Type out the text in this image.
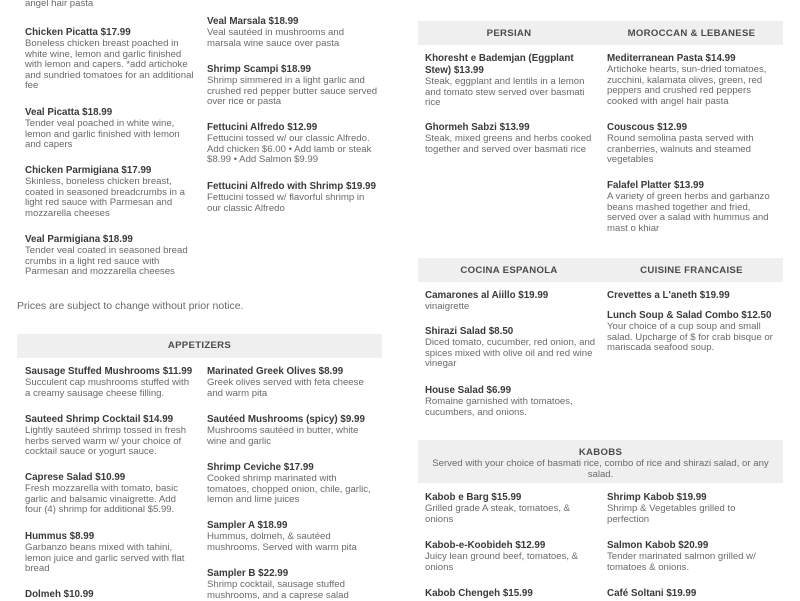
angel hair pasta
Chicken Picatta $17.99
Boneless chicken breast poached in white wine, lemon and garlic finished with lemon and capers. *add artichoke and sundried tomatoes for an additional fee
Veal Picatta $18.99
Tender veal poached in white wine, lemon and garlic finished with lemon and capers
Chicken Parmigiana $17.99
Skinless, boneless chicken breast, coated in seasoned breadcrumbs in a light red sauce with Parmesan and mozzarella cheeses
Veal Parmigiana $18.99
Tender veal coated in seasoned bread crumbs in a light red sauce with Parmesan and mozzarella cheeses
Veal Marsala $18.99
Veal sautéed in mushrooms and marsala wine sauce over pasta
Shrimp Scampi $18.99
Shrimp simmered in a light garlic and crushed red pepper butter sauce served over rice or pasta
Fettucini Alfredo $12.99
Fettucini tossed w/ our classic Alfredo. Add chicken $6.00 • Add lamb or steak $8.99 • Add Salmon $9.99
Fettucini Alfredo with Shrimp $19.99
Fettucini tossed w/ flavorful shrimp in our classic Alfredo
Prices are subject to change without prior notice.
APPETIZERS
Sausage Stuffed Mushrooms $11.99
Succulent cap mushrooms stuffed with a creamy sausage cheese filling.
Sauteed Shrimp Cocktail $14.99
Lightly sautéed shrimp tossed in fresh herbs served warm w/ your choice of cocktail sauce or yogurt sauce.
Caprese Salad $10.99
Fresh mozzarella with tomato, basic garlic and balsamic vinaigrette. Add four (4) shrimp for additional $5.99.
Hummus $8.99
Garbanzo beans mixed with tahini, lemon juice and garlic served with flat bread
Dolmeh $10.99
Marinated Greek Olives $8.99
Greek olives served with feta cheese and warm pita
Sautéed Mushrooms (spicy) $9.99
Mushrooms sautéed in butter, white wine and garlic
Shrimp Ceviche $17.99
Cooked shrimp marinated with tomatoes, chopped onion, chile, garlic, lemon and lime juices
Sampler A $18.99
Hummus, dolmeh, & sautéed mushrooms. Served with warm pita
Sampler B $22.99
Shrimp cocktail, sausage stuffed mushrooms, and a caprese salad
PERSIAN	MOROCCAN & LEBANESE
Khoresht e Bademjan (Eggplant Stew) $13.99
Steak, eggplant and lentils in a lemon and tomato stew served over basmati rice
Ghormeh Sabzi $13.99
Steak, mixed greens and herbs cooked together and served over basmati rice
Mediterranean Pasta $14.99
Artichoke hearts, sun-dried tomatoes, zucchini, kalamata olives, green, red peppers and crushed red peppers cooked with angel hair pasta
Couscous $12.99
Round semolina pasta served with cranberries, walnuts and steamed vegetables
Falafel Platter $13.99
A variety of green herbs and garbanzo beans mashed together and fried, served over a salad with hummus and mast o khiar
COCINA ESPANOLA	CUISINE FRANCAISE
Camarones al Aiillo $19.99
vinaigrette
Shirazi Salad $8.50
Diced tomato, cucumber, red onion, and spices mixed with olive oil and red wine vinegar
House Salad $6.99
Romaine garnished with tomatoes, cucumbers, and onions.
Crevettes a L'aneth $19.99
Lunch Soup & Salad Combo $12.50
Your choice of a cup soup and small salad. Upcharge of $ for crab bisque or mariscada seafood soup.
KABOBS
Served with your choice of basmati rice, combo of rice and shirazi salad, or any salad.
Kabob e Barg $15.99
Grilled grade A steak, tomatoes, & onions
Kabob-e-Koobideh $12.99
Juicy lean ground beef, tomatoes, & onions
Kabob Chengeh $15.99
Shrimp Kabob $19.99
Shrimp & Vegetables grilled to perfection
Salmon Kabob $20.99
Tender marinated salmon grilled w/ tomatoes & onions.
Café Soltani $19.99
